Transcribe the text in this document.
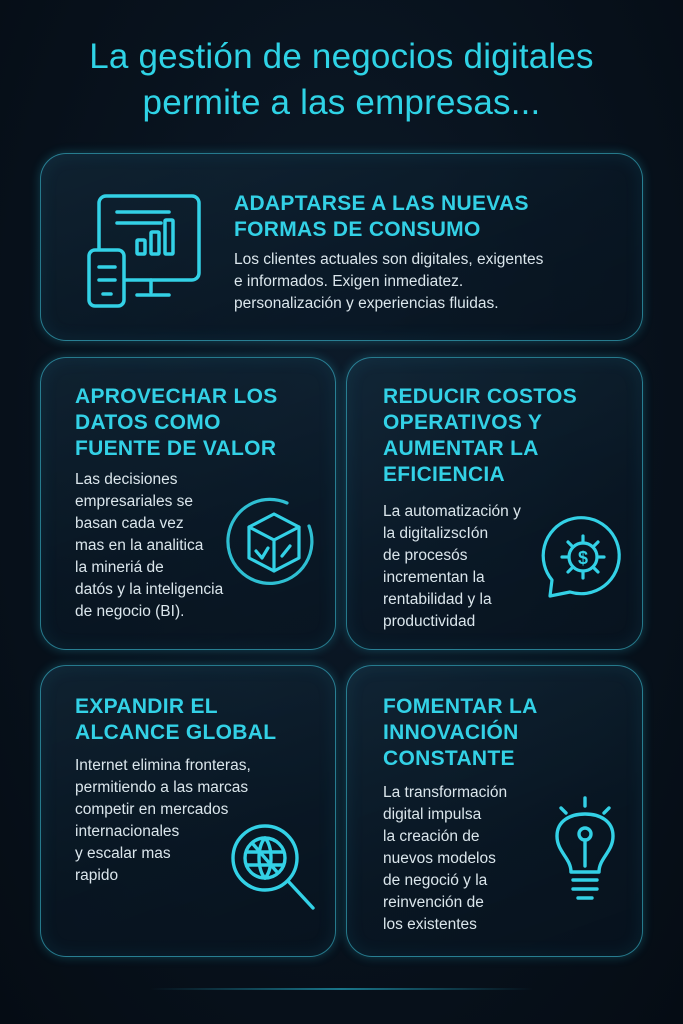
La gestión de negocios digitales
permite a las empresas...
ADAPTARSE A LAS NUEVAS
FORMAS DE CONSUMO
Los clientes actuales son digitales, exigentes
e informados. Exigen inmediatez.
personalización y experiencias fluidas.
APROVECHAR LOS
DATOS COMO
FUENTE DE VALOR
Las decisiones
empresariales se
basan cada vez
mas en la analitica
la mineriá de
datós y la inteligencia
de negocio (BI).
REDUCIR COSTOS
OPERATIVOS Y
AUMENTAR LA
EFICIENCIA
La automatización y
la digitalizscIón
de procesós
incrementan la
rentabilidad y la
productividad
$
EXPANDIR EL
ALCANCE GLOBAL
Internet elimina fronteras,
permitiendo a las marcas
competir en mercados
internacionales
y escalar mas
rapido
FOMENTAR LA
INNOVACIÓN
CONSTANTE
La transformación
digital impulsa
la creación de
nuevos modelos
de negoció y la
reinvención de
los existentes
